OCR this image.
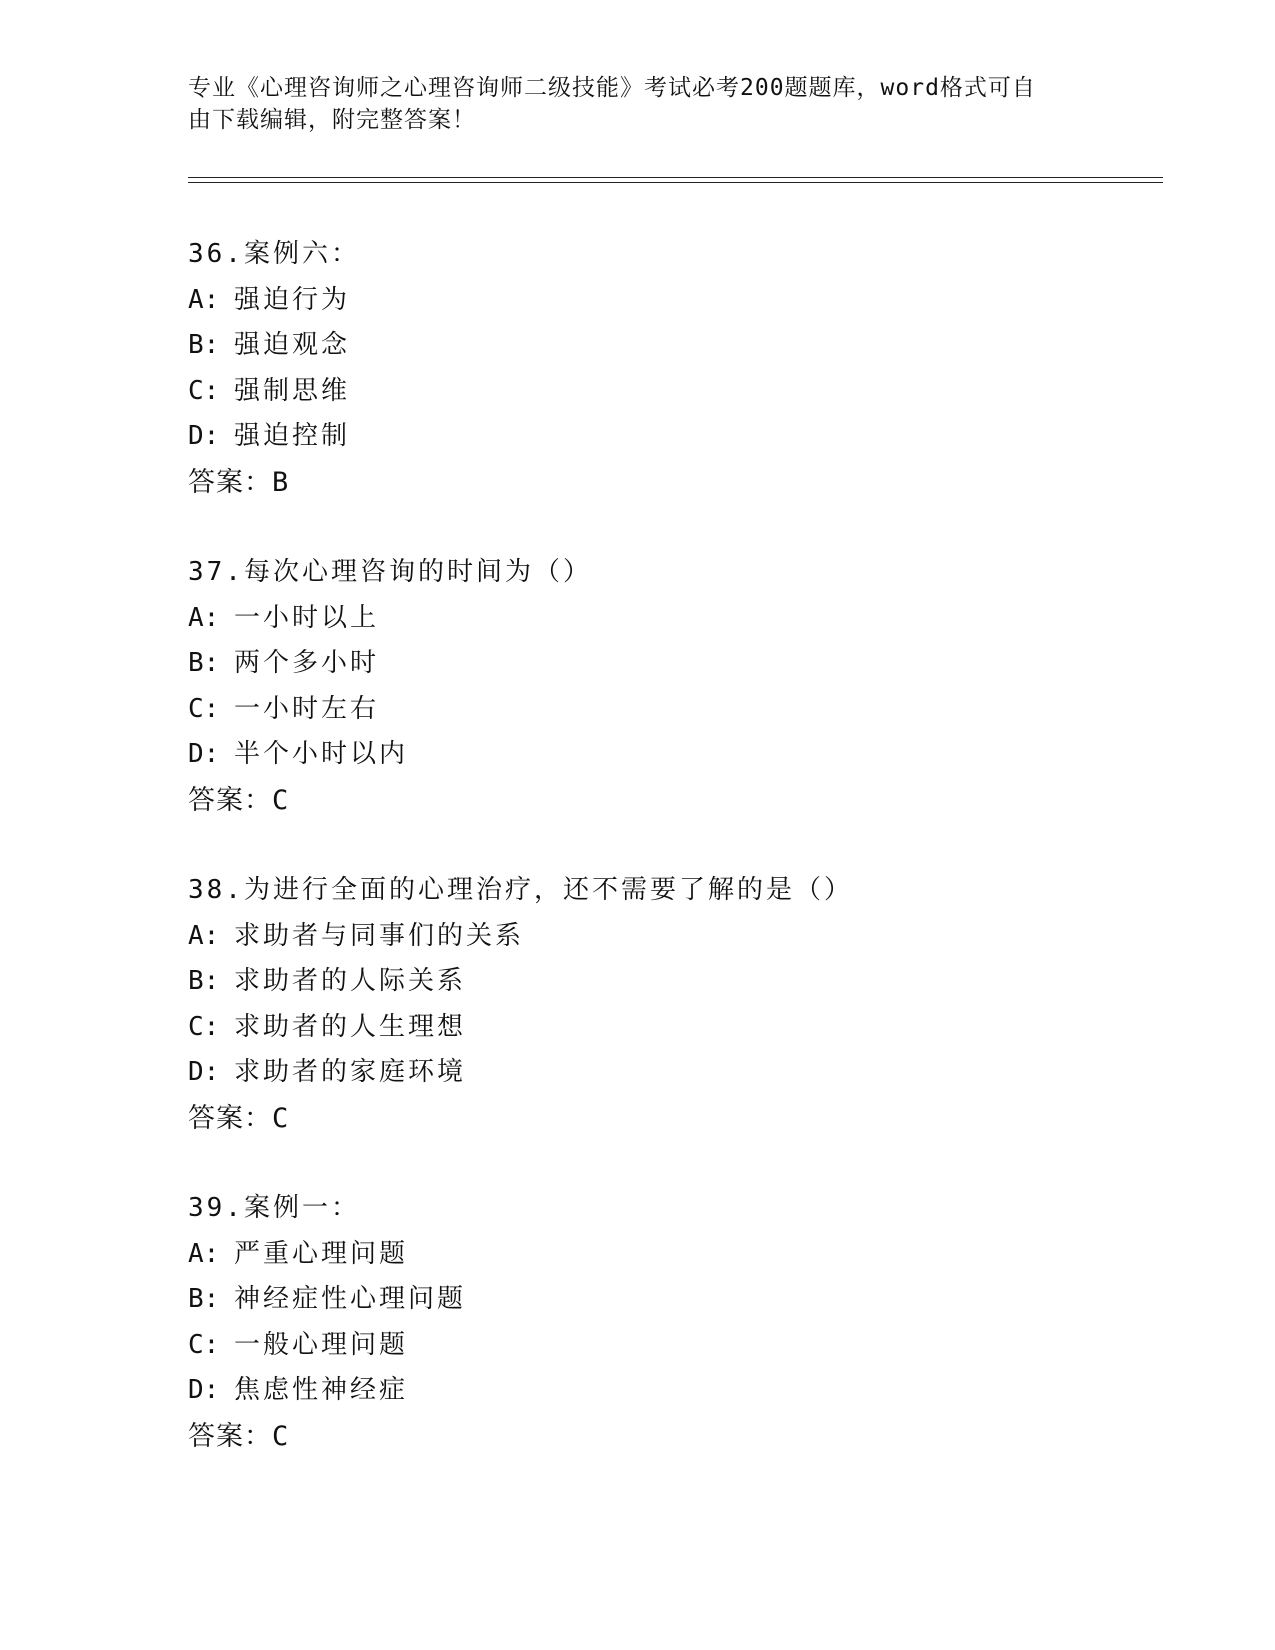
专业《心理咨询师之心理咨询师二级技能》考试必考200题题库，word格式可自
由下载编辑，附完整答案！
36.案例六：
A: 强迫行为
B: 强迫观念
C: 强制思维
D: 强迫控制
答案：B
37.每次心理咨询的时间为（）
A: 一小时以上
B: 两个多小时
C: 一小时左右
D: 半个小时以内
答案：C
38.为进行全面的心理治疗，还不需要了解的是（）
A: 求助者与同事们的关系
B: 求助者的人际关系
C: 求助者的人生理想
D: 求助者的家庭环境
答案：C
39.案例一：
A: 严重心理问题
B: 神经症性心理问题
C: 一般心理问题
D: 焦虑性神经症
答案：C
